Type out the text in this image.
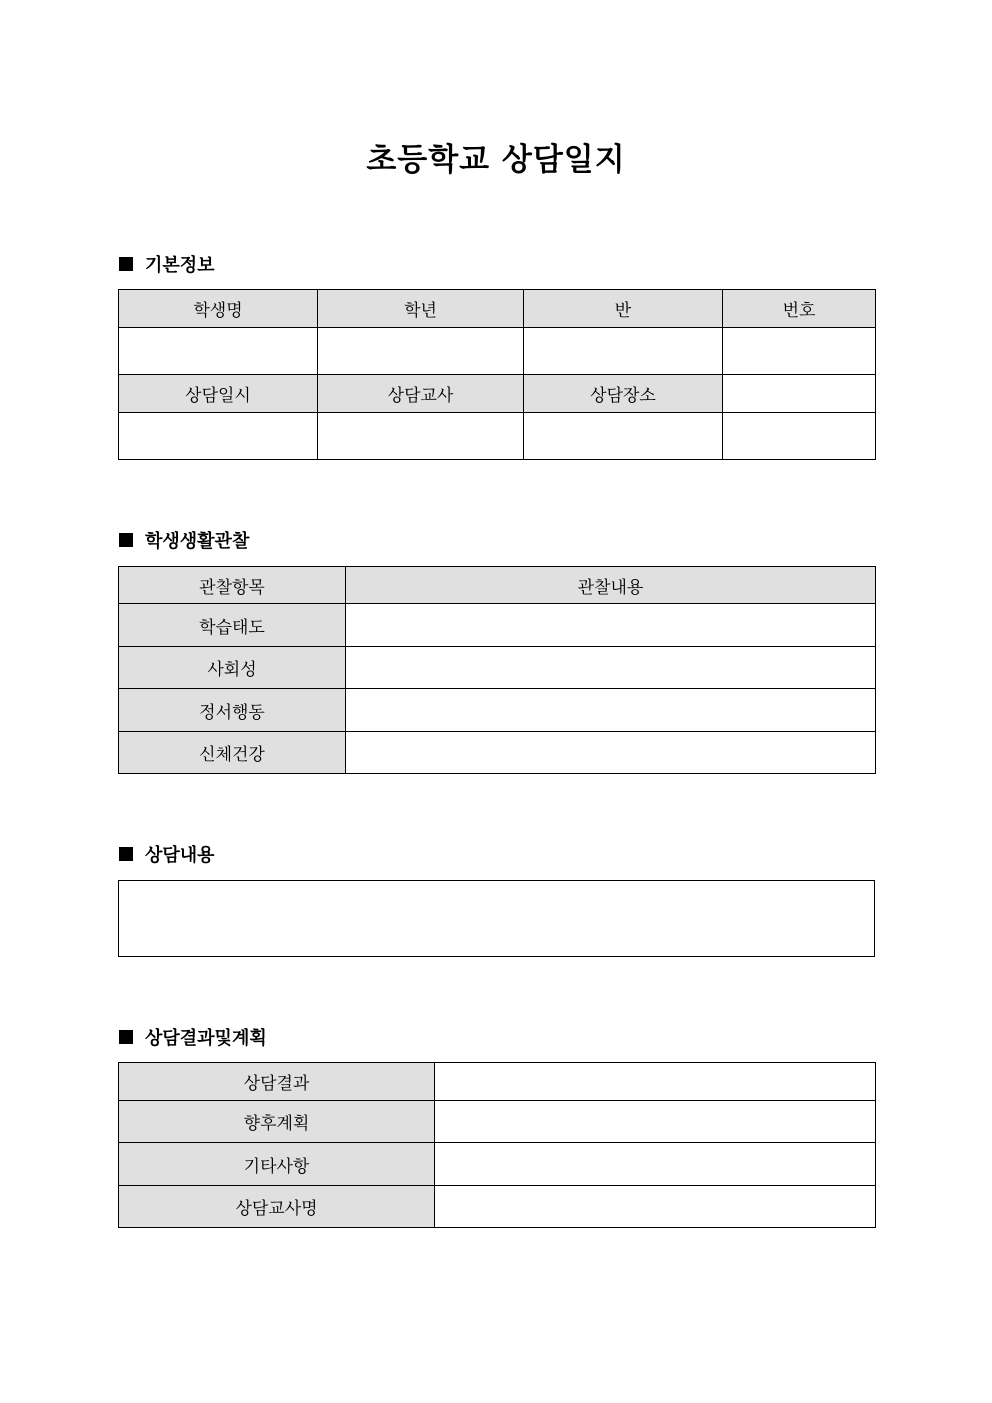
초등학교 상담일지
기본정보
학생명	학년	반	번호

상담일시	상담교사	상담장소	

학생생활관찰
관찰항목	관찰내용
학습태도	
사회성	
정서행동	
신체건강	
상담내용
상담결과및계획
상담결과	
향후계획	
기타사항	
상담교사명	
